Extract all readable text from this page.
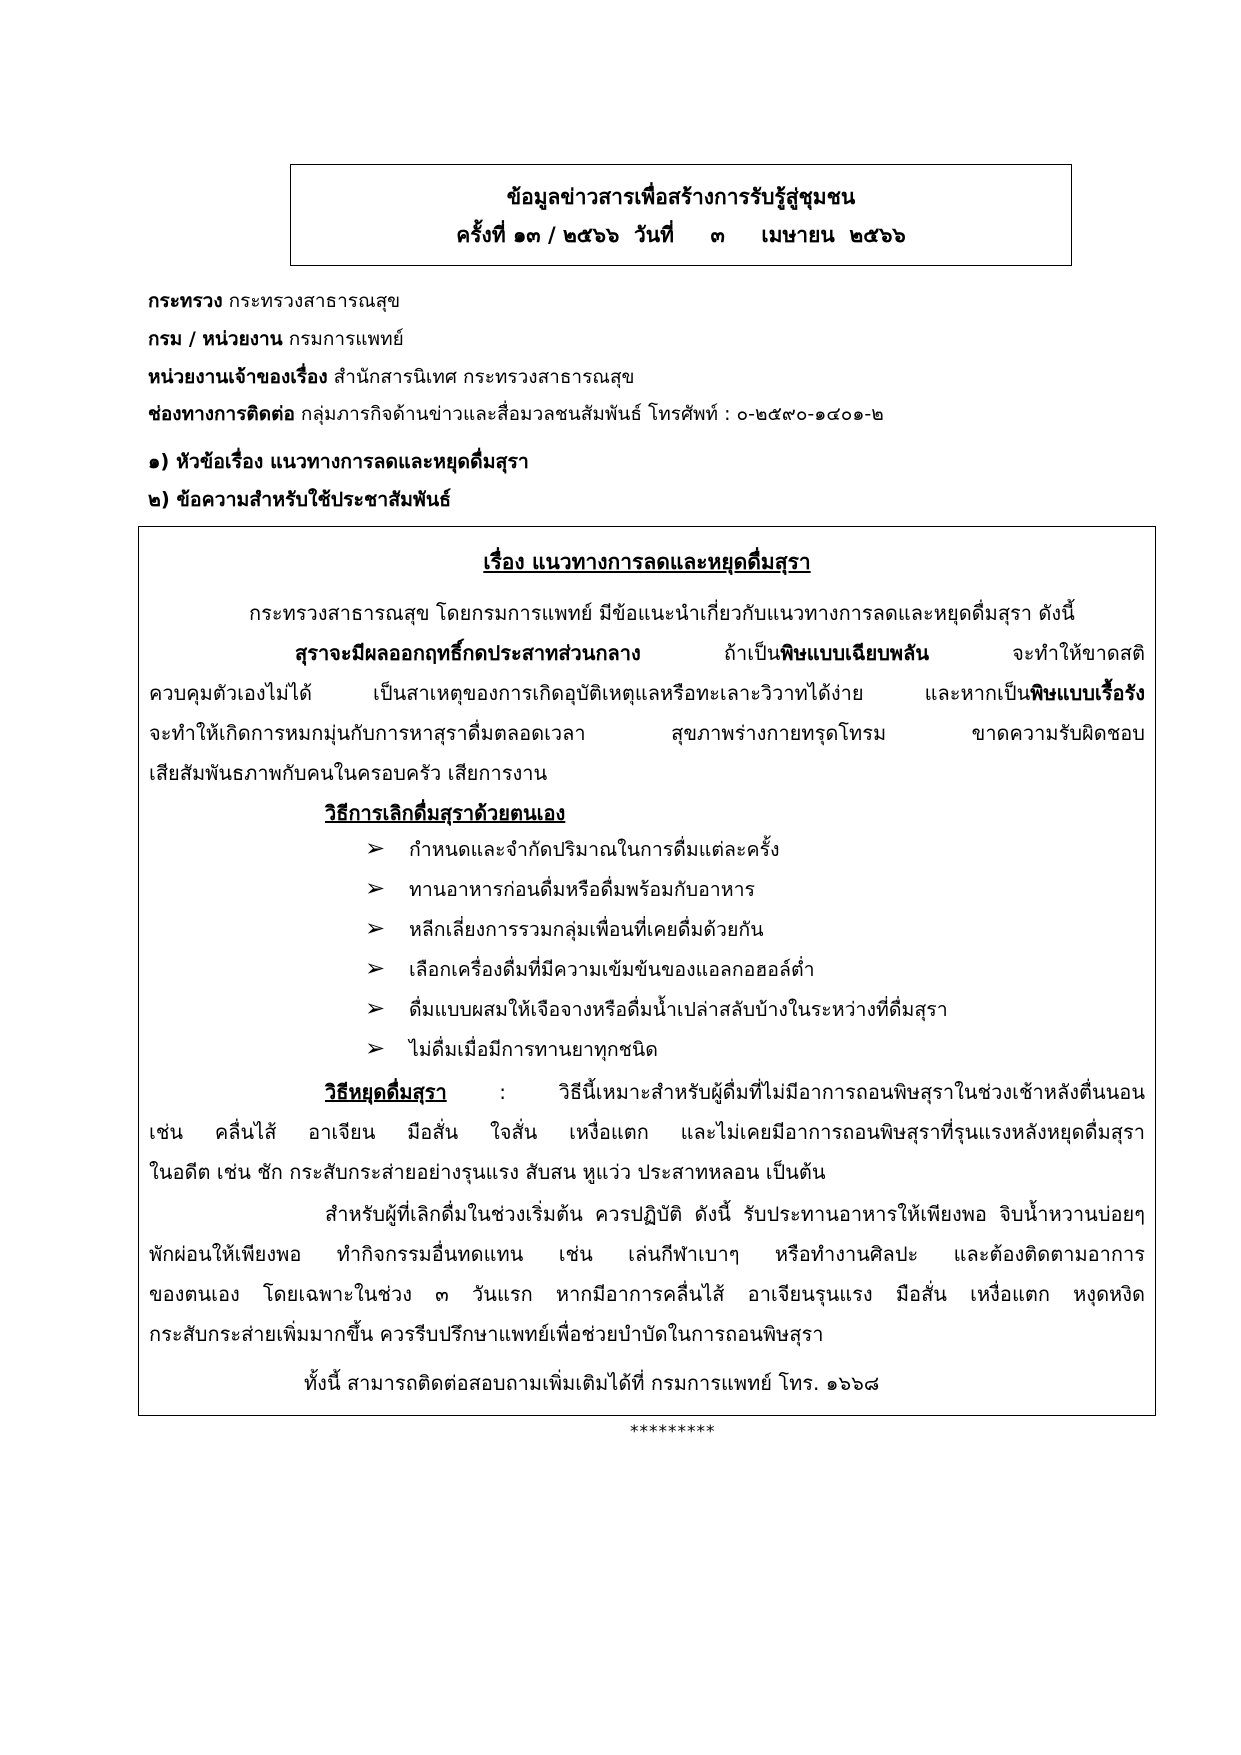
ข้อมูลข่าวสารเพื่อสร้างการรับรู้สู่ชุมชน
ครั้งที่ ๑๓ / ๒๕๖๖  วันที่     ๓     เมษายน  ๒๕๖๖
กระทรวง กระทรวงสาธารณสุข
กรม / หน่วยงาน กรมการแพทย์
หน่วยงานเจ้าของเรื่อง สำนักสารนิเทศ กระทรวงสาธารณสุข
ช่องทางการติดต่อ กลุ่มภารกิจด้านข่าวและสื่อมวลชนสัมพันธ์ โทรศัพท์ : ๐-๒๕๙๐-๑๔๐๑-๒
๑) หัวข้อเรื่อง แนวทางการลดและหยุดดื่มสุรา
๒) ข้อความสำหรับใช้ประชาสัมพันธ์
เรื่อง แนวทางการลดและหยุดดื่มสุรา
กระทรวงสาธารณสุข โดยกรมการแพทย์ มีข้อแนะนำเกี่ยวกับแนวทางการลดและหยุดดื่มสุรา ดังนี้
สุราจะมีผลออกฤทธิ์กดประสาทส่วนกลาง ถ้าเป็นพิษแบบเฉียบพลัน จะทำให้ขาดสติ
ควบคุมตัวเองไม่ได้ เป็นสาเหตุของการเกิดอุบัติเหตุแลหรือทะเลาะวิวาทได้ง่าย และหากเป็นพิษแบบเรื้อรัง
จะทำให้เกิดการหมกมุ่นกับการหาสุราดื่มตลอดเวลา สุขภาพร่างกายทรุดโทรม ขาดความรับผิดชอบ
เสียสัมพันธภาพกับคนในครอบครัว เสียการงาน
วิธีการเลิกดื่มสุราด้วยตนเอง
➢ กำหนดและจำกัดปริมาณในการดื่มแต่ละครั้ง
➢ ทานอาหารก่อนดื่มหรือดื่มพร้อมกับอาหาร
➢ หลีกเลี่ยงการรวมกลุ่มเพื่อนที่เคยดื่มด้วยกัน
➢ เลือกเครื่องดื่มที่มีความเข้มข้นของแอลกอฮอล์ต่ำ
➢ ดื่มแบบผสมให้เจือจางหรือดื่มน้ำเปล่าสลับบ้างในระหว่างที่ดื่มสุรา
➢ ไม่ดื่มเมื่อมีการทานยาทุกชนิด
วิธีหยุดดื่มสุรา : วิธีนี้เหมาะสำหรับผู้ดื่มที่ไม่มีอาการถอนพิษสุราในช่วงเช้าหลังตื่นนอน
เช่น คลื่นไส้ อาเจียน มือสั่น ใจสั่น เหงื่อแตก และไม่เคยมีอาการถอนพิษสุราที่รุนแรงหลังหยุดดื่มสุรา
ในอดีต เช่น ชัก กระสับกระส่ายอย่างรุนแรง สับสน หูแว่ว ประสาทหลอน เป็นต้น
สำหรับผู้ที่เลิกดื่มในช่วงเริ่มต้น ควรปฏิบัติ ดังนี้ รับประทานอาหารให้เพียงพอ จิบน้ำหวานบ่อยๆ
พักผ่อนให้เพียงพอ ทำกิจกรรมอื่นทดแทน เช่น เล่นกีฬาเบาๆ หรือทำงานศิลปะ และต้องติดตามอาการ
ของตนเอง โดยเฉพาะในช่วง ๓ วันแรก หากมีอาการคลื่นไส้ อาเจียนรุนแรง มือสั่น เหงื่อแตก หงุดหงิด
กระสับกระส่ายเพิ่มมากขึ้น ควรรีบปรึกษาแพทย์เพื่อช่วยบำบัดในการถอนพิษสุรา
ทั้งนี้ สามารถติดต่อสอบถามเพิ่มเติมได้ที่ กรมการแพทย์ โทร. ๑๖๖๘
*********
